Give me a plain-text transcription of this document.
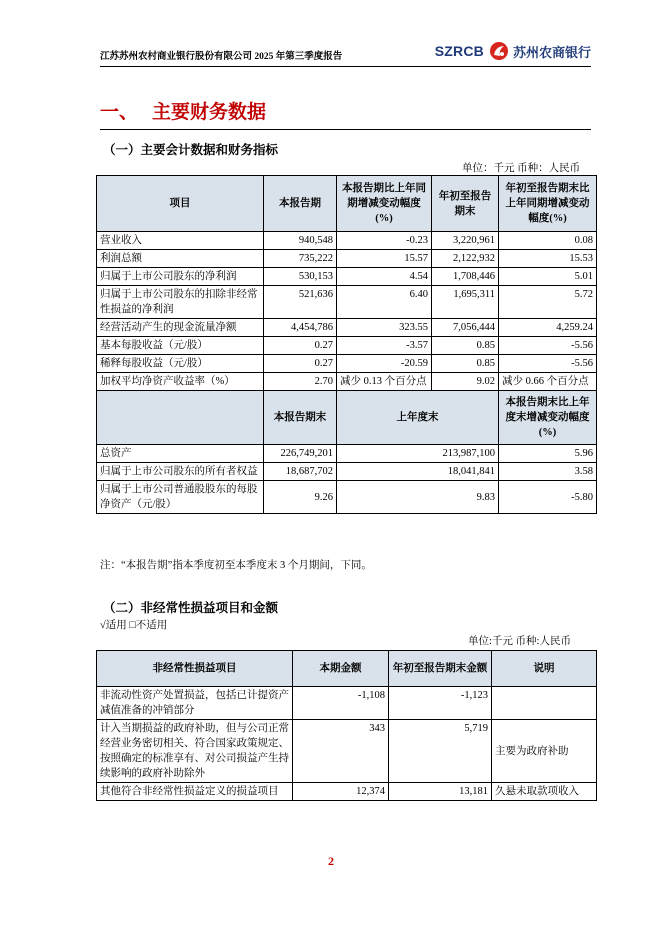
江苏苏州农村商业银行股份有限公司 2025 年第三季度报告	SZRCB 苏州农商银行
一、 主要财务数据
（一）主要会计数据和财务指标
单位：千元 币种：人民币
项目	本报告期	本报告期比上年同期增减变动幅度(%)	年初至报告期末	年初至报告期末比上年同期增减变动幅度(%)
营业收入	940,548	-0.23	3,220,961	0.08
利润总额	735,222	15.57	2,122,932	15.53
归属于上市公司股东的净利润	530,153	4.54	1,708,446	5.01
归属于上市公司股东的扣除非经常性损益的净利润	521,636	6.40	1,695,311	5.72
经营活动产生的现金流量净额	4,454,786	323.55	7,056,444	4,259.24
基本每股收益（元/股）	0.27	-3.57	0.85	-5.56
稀释每股收益（元/股）	0.27	-20.59	0.85	-5.56
加权平均净资产收益率（%）	2.70	减少 0.13 个百分点	9.02	减少 0.66 个百分点
	本报告期末	上年度末		本报告期末比上年度末增减变动幅度(%)
总资产	226,749,201	213,987,100		5.96
归属于上市公司股东的所有者权益	18,687,702	18,041,841		3.58
归属于上市公司普通股股东的每股净资产（元/股）	9.26	9.83		-5.80
注：“本报告期”指本季度初至本季度末 3 个月期间，下同。
（二）非经常性损益项目和金额
√适用 □不适用
单位:千元 币种:人民币
非经常性损益项目	本期金额	年初至报告期末金额	说明
非流动性资产处置损益，包括已计提资产减值准备的冲销部分	-1,108	-1,123	
计入当期损益的政府补助，但与公司正常经营业务密切相关、符合国家政策规定、按照确定的标准享有、对公司损益产生持续影响的政府补助除外	343	5,719	主要为政府补助
其他符合非经常性损益定义的损益项目	12,374	13,181	久悬未取款项收入
2
